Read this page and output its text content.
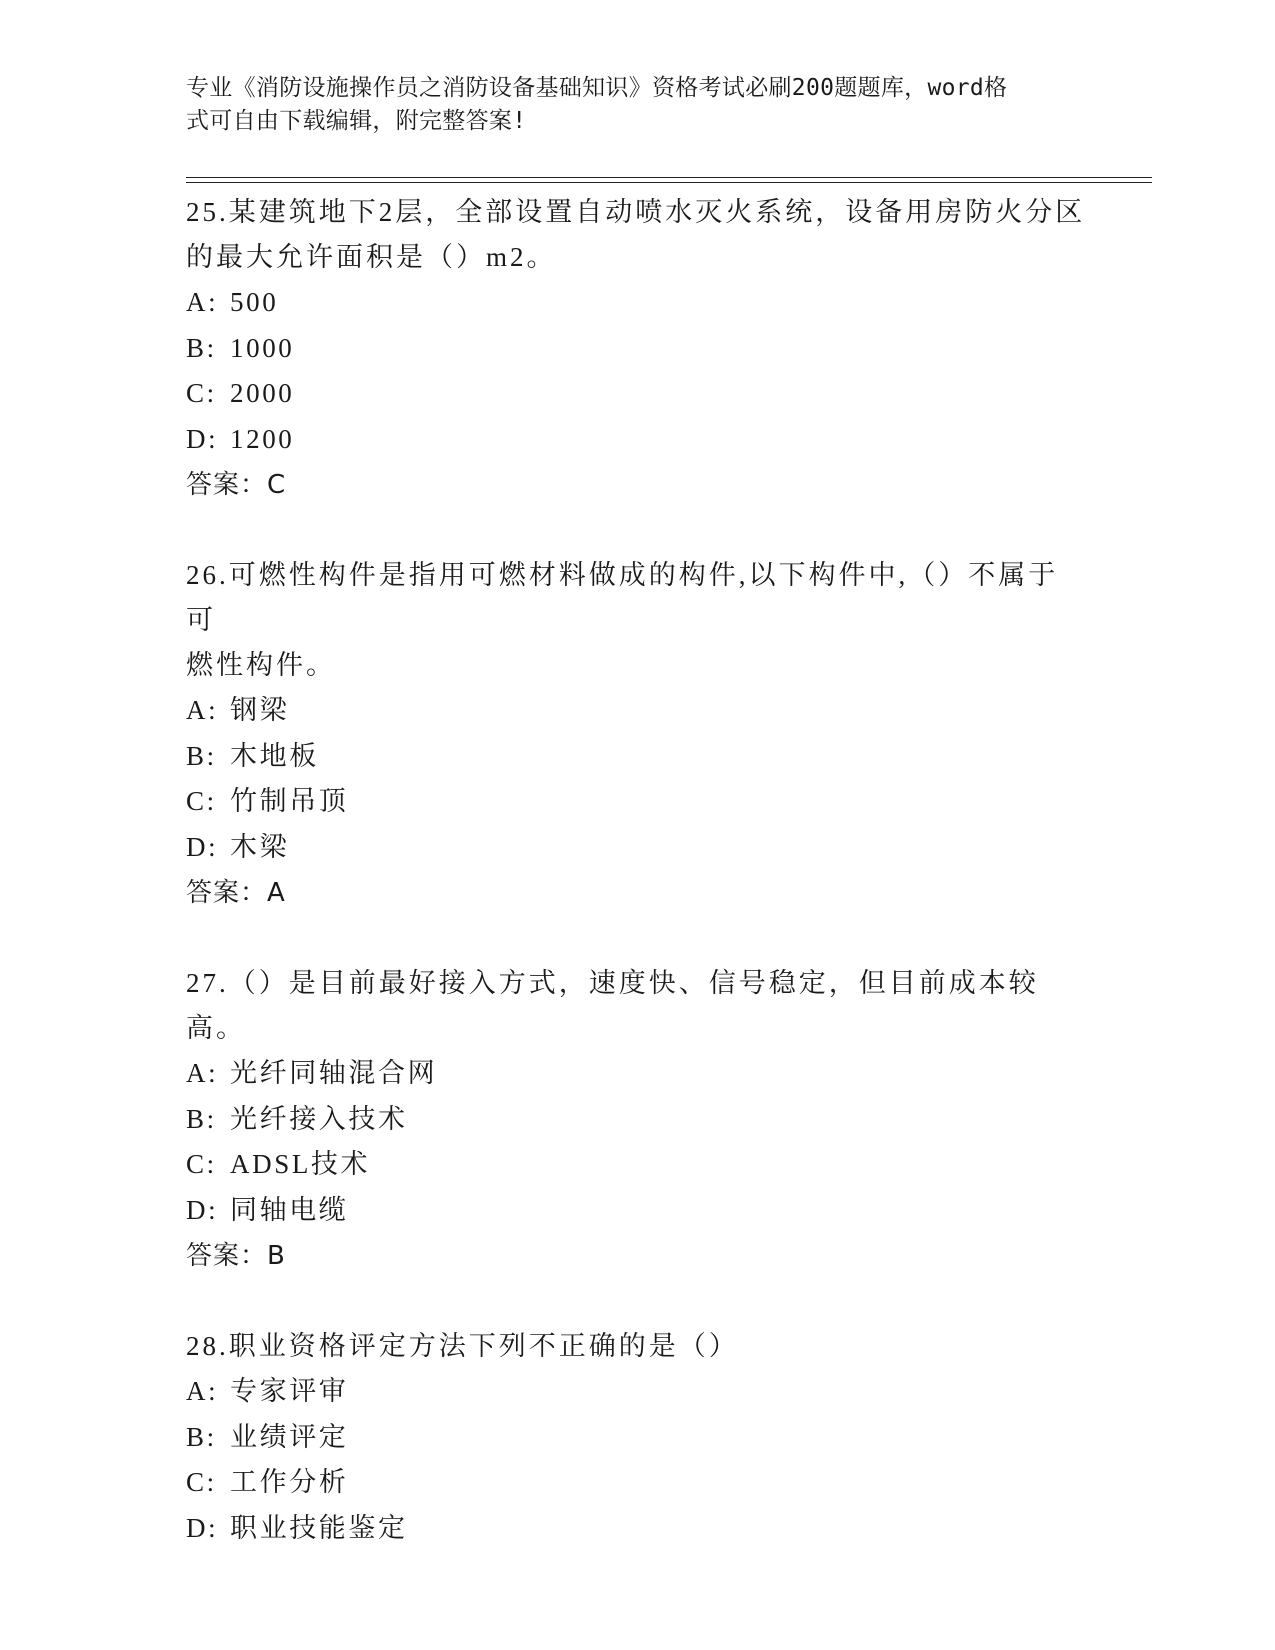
专业《消防设施操作员之消防设备基础知识》资格考试必刷200题题库，word格
式可自由下载编辑，附完整答案!
25.某建筑地下2层，全部设置自动喷水灭火系统，设备用房防火分区
的最大允许面积是（）m2。
A: 500
B: 1000
C: 2000
D: 1200
答案：C
26.可燃性构件是指用可燃材料做成的构件,以下构件中,（）不属于可
燃性构件。
A: 钢梁
B: 木地板
C: 竹制吊顶
D: 木梁
答案：A
27.（）是目前最好接入方式，速度快、信号稳定，但目前成本较高。
A: 光纤同轴混合网
B: 光纤接入技术
C: ADSL技术
D: 同轴电缆
答案：B
28.职业资格评定方法下列不正确的是（）
A: 专家评审
B: 业绩评定
C: 工作分析
D: 职业技能鉴定
